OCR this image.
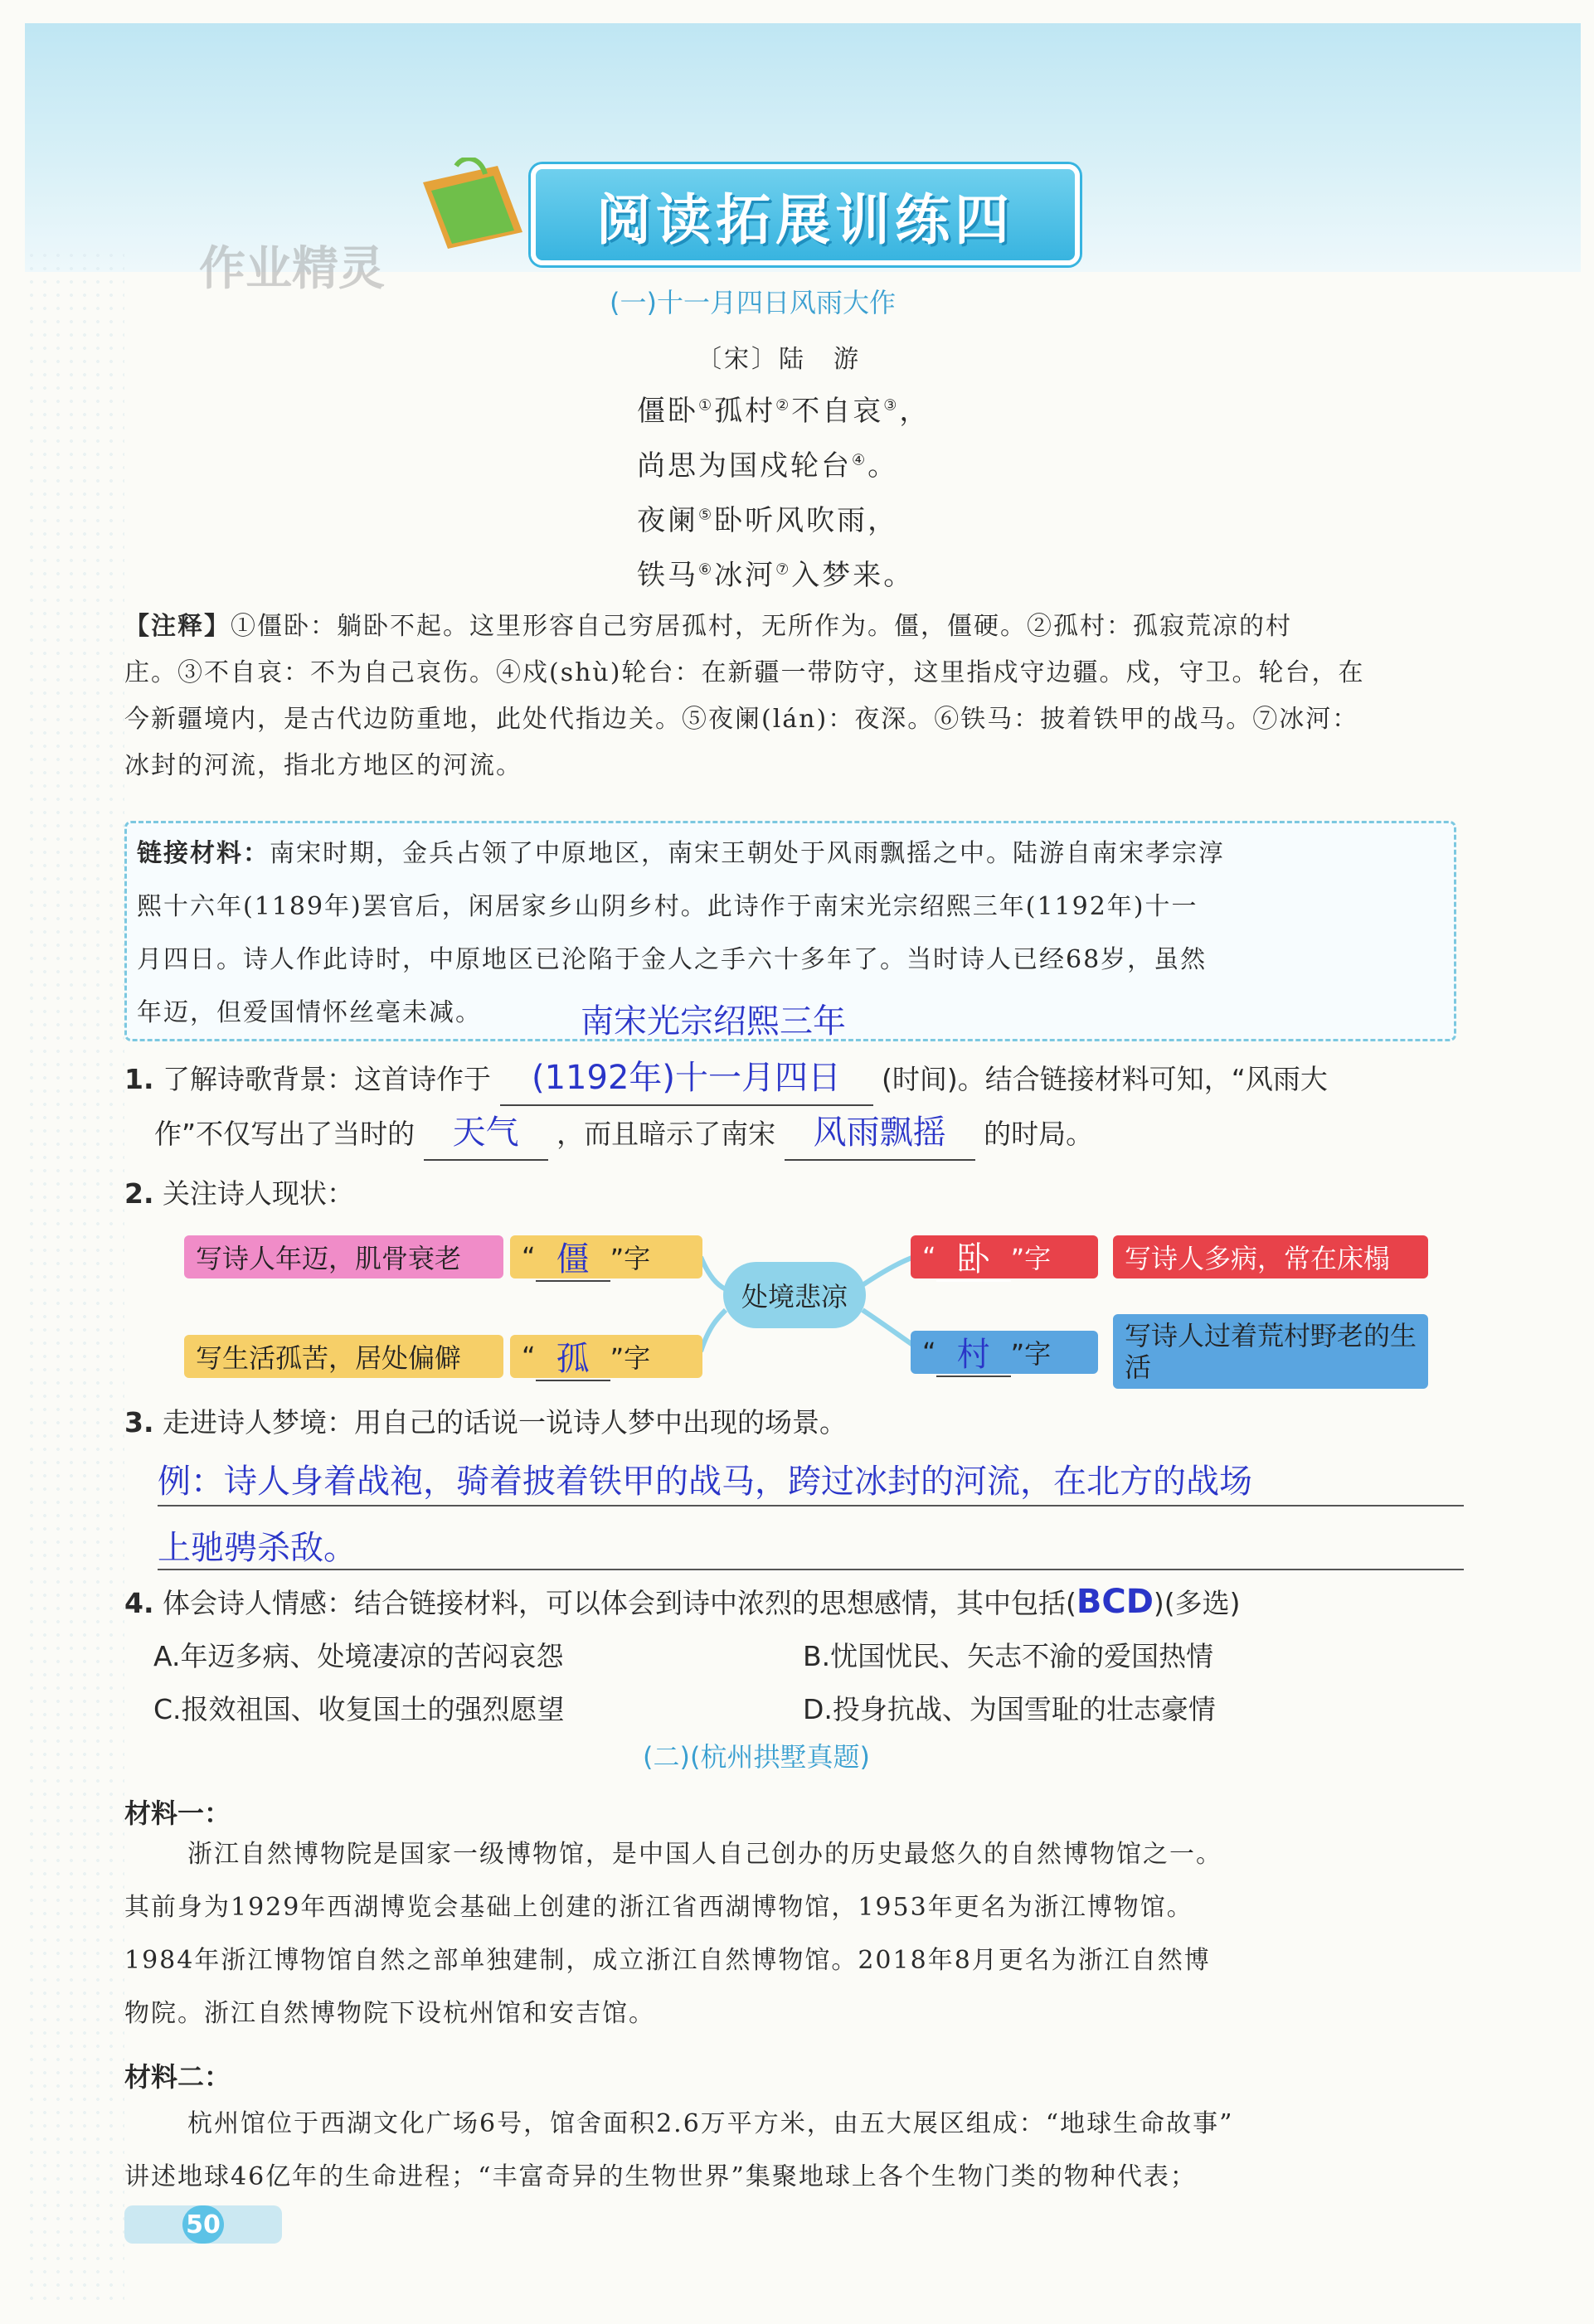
阅读拓展训练四
作业精灵
(一)十一月四日风雨大作
〔宋〕陆　游
僵卧①孤村②不自哀③，
尚思为国戍轮台④。
夜阑⑤卧听风吹雨，
铁马⑥冰河⑦入梦来。
【注释】①僵卧：躺卧不起。这里形容自己穷居孤村，无所作为。僵，僵硬。②孤村：孤寂荒凉的村
庄。③不自哀：不为自己哀伤。④戍(shù)轮台：在新疆一带防守，这里指戍守边疆。戍，守卫。轮台，在
今新疆境内，是古代边防重地，此处代指边关。⑤夜阑(lán)：夜深。⑥铁马：披着铁甲的战马。⑦冰河：
冰封的河流，指北方地区的河流。
链接材料：南宋时期，金兵占领了中原地区，南宋王朝处于风雨飘摇之中。陆游自南宋孝宗淳
熙十六年(1189年)罢官后，闲居家乡山阴乡村。此诗作于南宋光宗绍熙三年(1192年)十一
月四日。诗人作此诗时，中原地区已沦陷于金人之手六十多年了。当时诗人已经68岁，虽然
年迈，但爱国情怀丝毫未减。	南宋光宗绍熙三年
1. 了解诗歌背景：这首诗作于 (1192年)十一月四日 (时间)。结合链接材料可知，“风雨大
作”不仅写出了当时的 天气 ，而且暗示了南宋 风雨飘摇 的时局。
2. 关注诗人现状：
处境悲凉
写诗人年迈，肌骨衰老	“ 僵 ”字
写生活孤苦，居处偏僻	“ 孤 ”字
“ 卧 ”字	写诗人多病，常在床榻
“ 村 ”字
写诗人过着荒村野老的生活
3. 走进诗人梦境：用自己的话说一说诗人梦中出现的场景。
例：诗人身着战袍，骑着披着铁甲的战马，跨过冰封的河流，在北方的战场
上驰骋杀敌。
4. 体会诗人情感：结合链接材料，可以体会到诗中浓烈的思想感情，其中包括(BCD)(多选)
A.年迈多病、处境凄凉的苦闷哀怨	B.忧国忧民、矢志不渝的爱国热情
C.报效祖国、收复国土的强烈愿望	D.投身抗战、为国雪耻的壮志豪情
(二)(杭州拱墅真题)
材料一：
浙江自然博物院是国家一级博物馆，是中国人自己创办的历史最悠久的自然博物馆之一。
其前身为1929年西湖博览会基础上创建的浙江省西湖博物馆，1953年更名为浙江博物馆。
1984年浙江博物馆自然之部单独建制，成立浙江自然博物馆。2018年8月更名为浙江自然博
物院。浙江自然博物院下设杭州馆和安吉馆。
材料二：
杭州馆位于西湖文化广场6号，馆舍面积2.6万平方米，由五大展区组成：“地球生命故事”
讲述地球46亿年的生命进程；“丰富奇异的生物世界”集聚地球上各个生物门类的物种代表；
50
